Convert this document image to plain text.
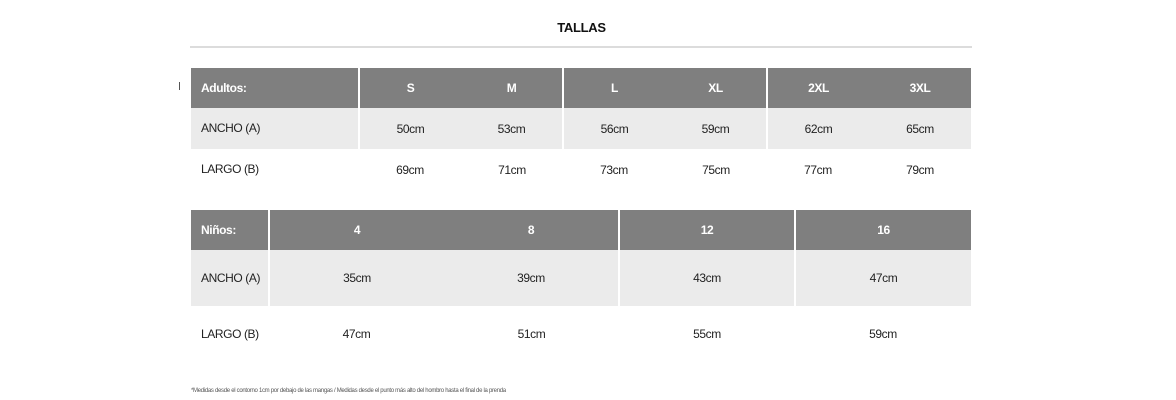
TALLAS
Adultos:	S	M	L	XL	2XL	3XL
ANCHO (A)	50cm	53cm	56cm	59cm	62cm	65cm
LARGO (B)	69cm	71cm	73cm	75cm	77cm	79cm
Niños:	4	8	12	16
ANCHO (A)	35cm	39cm	43cm	47cm
LARGO (B)	47cm	51cm	55cm	59cm
*Medidas desde el contorno 1cm por debajo de las mangas / Medidas desde el punto más alto del hombro hasta el final de la prenda
